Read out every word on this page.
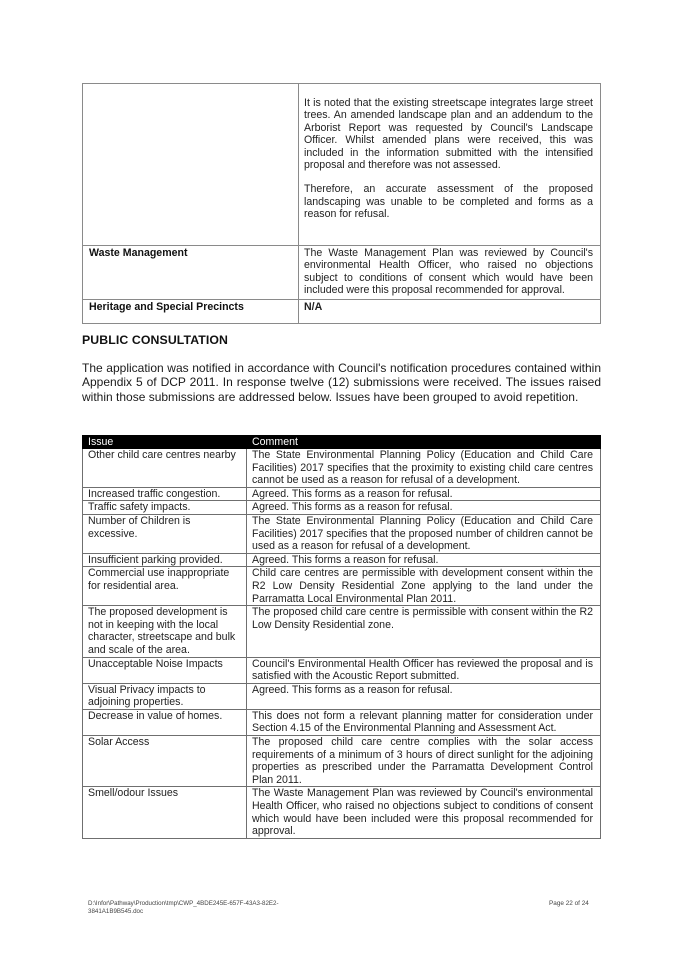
	It is noted that the existing streetscape integrates large street trees. An amended landscape plan and an addendum to the Arborist Report was requested by Council's Landscape Officer. Whilst amended plans were received, this was included in the information submitted with the intensified proposal and therefore was not assessed.

Therefore, an accurate assessment of the proposed landscaping was unable to be completed and forms as a reason for refusal.

Waste Management	The Waste Management Plan was reviewed by Council's environmental Health Officer, who raised no objections subject to conditions of consent which would have been included were this proposal recommended for approval.

Heritage and Special Precincts	N/A

PUBLIC CONSULTATION

The application was notified in accordance with Council's notification procedures contained within Appendix 5 of DCP 2011. In response twelve (12) submissions were received. The issues raised within those submissions are addressed below. Issues have been grouped to avoid repetition.

Issue	Comment
Other child care centres nearby	The State Environmental Planning Policy (Education and Child Care Facilities) 2017 specifies that the proximity to existing child care centres cannot be used as a reason for refusal of a development.
Increased traffic congestion.	Agreed. This forms as a reason for refusal.
Traffic safety impacts.	Agreed. This forms as a reason for refusal.
Number of Children is excessive.	The State Environmental Planning Policy (Education and Child Care Facilities) 2017 specifies that the proposed number of children cannot be used as a reason for refusal of a development.
Insufficient parking provided.	Agreed. This forms a reason for refusal.
Commercial use inappropriate for residential area.	Child care centres are permissible with development consent within the R2 Low Density Residential Zone applying to the land under the Parramatta Local Environmental Plan 2011.
The proposed development is not in keeping with the local character, streetscape and bulk and scale of the area.	The proposed child care centre is permissible with consent within the R2 Low Density Residential zone.
Unacceptable Noise Impacts	Council's Environmental Health Officer has reviewed the proposal and is satisfied with the Acoustic Report submitted.
Visual Privacy impacts to adjoining properties.	Agreed. This forms as a reason for refusal.
Decrease in value of homes.	This does not form a relevant planning matter for consideration under Section 4.15 of the Environmental Planning and Assessment Act.
Solar Access	The proposed child care centre complies with the solar access requirements of a minimum of 3 hours of direct sunlight for the adjoining properties as prescribed under the Parramatta Development Control Plan 2011.
Smell/odour Issues	The Waste Management Plan was reviewed by Council's environmental Health Officer, who raised no objections subject to conditions of consent which would have been included were this proposal recommended for approval.
D:\Infor\Pathway\Production\tmp\CWP_4BDE245E-657F-43A3-82E2-3841A1B9B545.doc
Page 22 of 24
